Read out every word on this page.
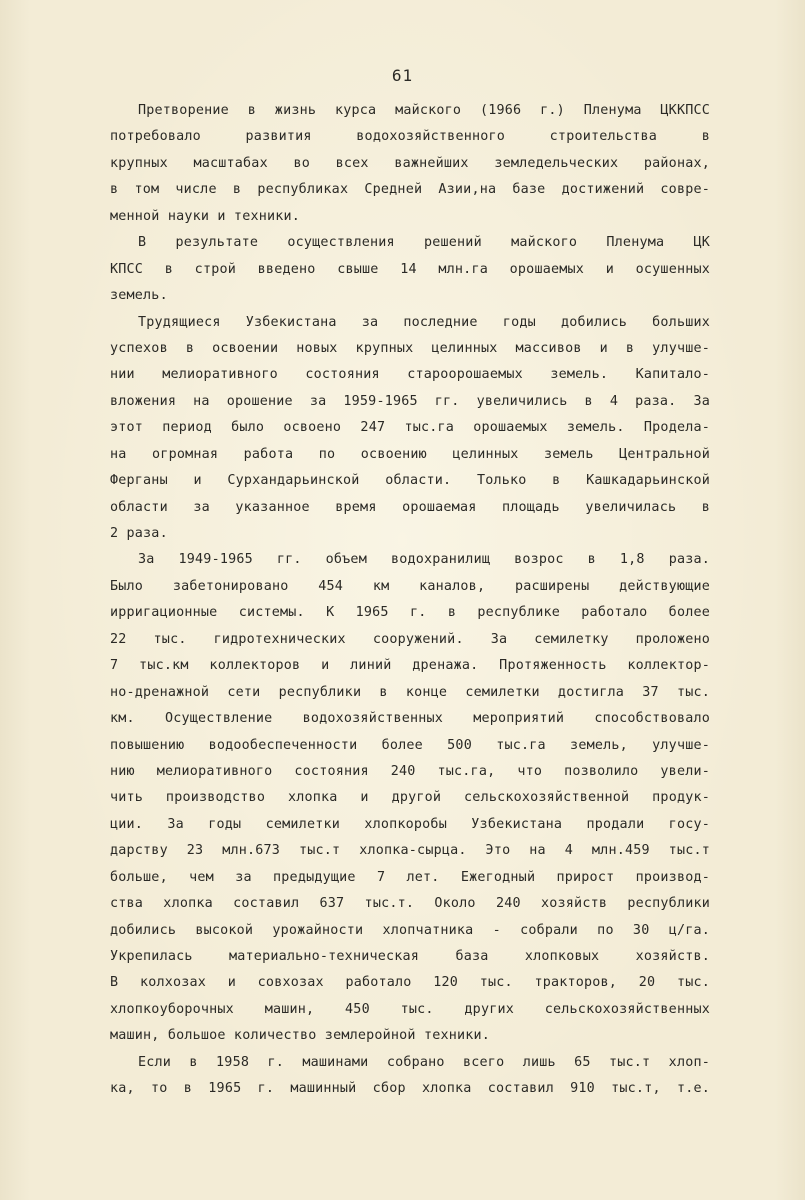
61
Претворение в жизнь курса майского (1966 г.) Пленума ЦККПСС
потребовало развития водохозяйственного строительства в
крупных масштабах во всех важнейших земледельческих районах,
в том числе в республиках Средней Азии,на базе достижений совре-
менной науки и техники.
В результате осуществления решений майского Пленума ЦК
КПСС в строй введено свыше 14 млн.га орошаемых и осушенных
земель.
Трудящиеся Узбекистана за последние годы добились больших
успехов в освоении новых крупных целинных массивов и в улучше-
нии мелиоративного состояния староорошаемых земель. Капитало-
вложения на орошение за 1959-1965 гг. увеличились в 4 раза. За
этот период было освоено 247 тыс.га орошаемых земель. Проделa-
на огромная работа по освоению целинных земель Центральной
Ферганы и Сурхандарьинской области. Только в Кашкадарьинской
области за указанное время орошаемая площадь увеличилась в
2 раза.
За 1949-1965 гг. объем водохранилищ возрос в 1,8 раза.
Было забетонировано 454 км каналов, расширены действующие
ирригационные системы. К 1965 г. в республике работало более
22 тыс. гидротехнических сооружений. За семилетку проложено
7 тыс.км коллекторов и линий дренажа. Протяженность коллектор-
но-дренажной сети республики в конце семилетки достигла 37 тыс.
км. Осуществление водохозяйственных мероприятий способствовало
повышению водообеспеченности более 500 тыс.га земель, улучше-
нию мелиоративного состояния 240 тыс.га, что позволило увели-
чить производство хлопка и другой сельскохозяйственной продук-
ции. За годы семилетки хлопкоробы Узбекистана продали госу-
дарству 23 млн.673 тыс.т хлопка-сырца. Это на 4 млн.459 тыс.т
больше, чем за предыдущие 7 лет. Ежегодный прирост производ-
ства хлопка составил 637 тыс.т. Около 240 хозяйств республики
добились высокой урожайности хлопчатника - собрали по 30 ц/га.
Укрепилась материально-техническая база хлопковых хозяйств.
В колхозах и совхозах работало 120 тыс. тракторов, 20 тыс.
хлопкоуборочных машин, 450 тыс. других сельскохозяйственных
машин, большое количество землеройной техники.
Если в 1958 г. машинами собрано всего лишь 65 тыс.т хлоп-
ка, то в 1965 г. машинный сбор хлопка составил 910 тыс.т, т.е.
